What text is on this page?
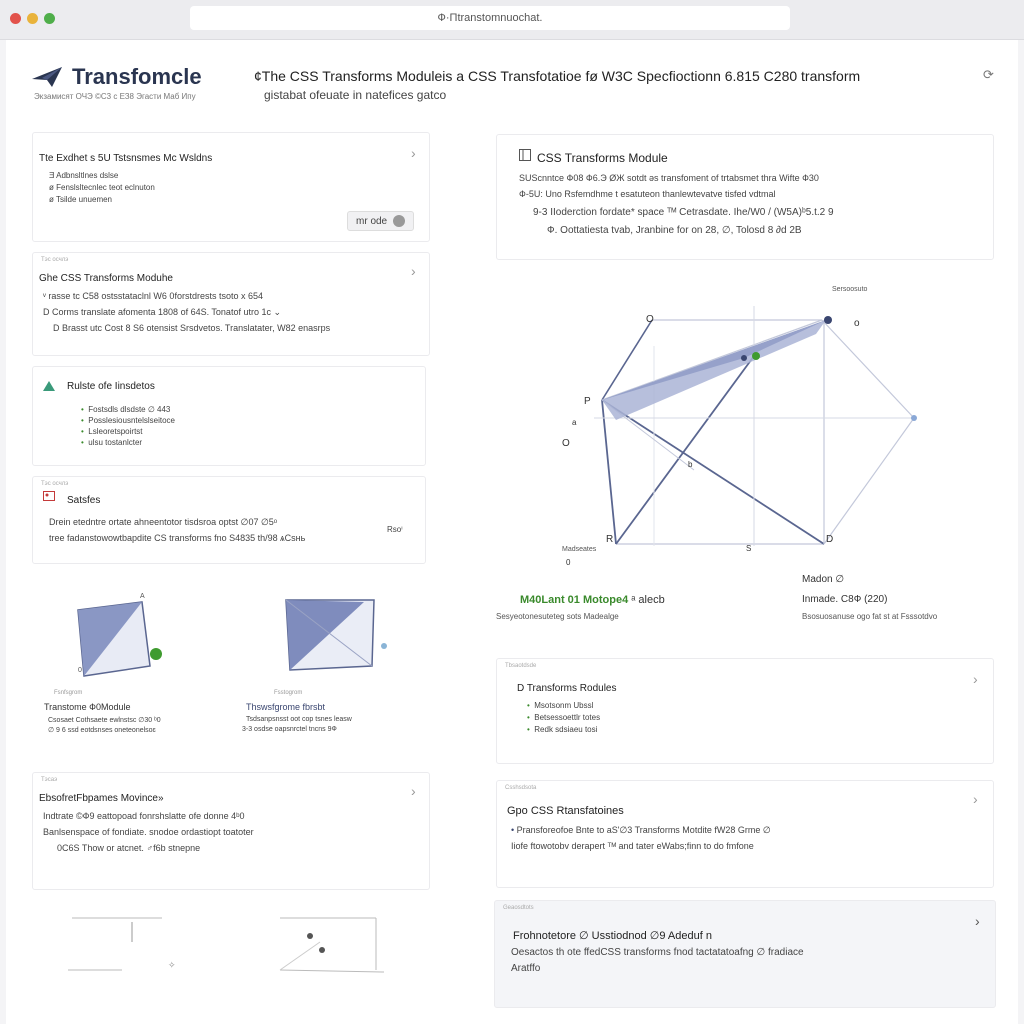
Ф·Пtranstomnuochat.
Transfomcle
Экзамисят ОЧЭ ©С3 с ЕЗ8 Эгасти Маб Ипу
¢The CSS Transforms Moduleis a CSS Transfotatioe fø W3C Specfioctionn 6.815 C280 transform
gistabat ofeuate in natefices gatco
⟳
Tte Exdhet s 5U Tstsnsmes Mc Wsldns
Ǝ Adbnsltlnes dslse
ø Fenslsltecnlec teot eclnuton
ø Tsilde unuemen
›
mr ode
Тэс осчлэ
Ghe CSS Transforms Moduhe
ᵛ rasse tc C58 ostsstataclnl W6 0forstdrests tsoto x 654
D Corms translate afomenta 1808 of 64S. Tonatof utro 1c ⌄
D Brasst utc Cost 8 S6 otensist Srsdvetos. Translatater, W82 enasrps
›
Rulste ofe Iinsdetos
• Fostsdls dlsdste ∅ 443
• Posslesiousntelslseitoce
• Lsleoretspoirtst
• ulsu tostanlcter
Тэс осчлэ
Satsfes
Drein etedntre ortate ahneentotor tisdsroa optst ∅07 ∅5ᵒ
tree fadanstowowtbapdite CS transforms fno S4835 th/98 ѧCsнь
Rsoⁱ
A
0
Fsnfsgrom
Transtome Ф0Module
Csosaet Cothsaete ewlnstsc ∅30 ᵇ0
∅ 9 6 ssd eotdsnses oneteonelsoɛ
Fsstogrom
Thswsfgrome fbrsbt
Tsdsanpsnsst oot cop tsnes leasw
3-3 osdse oapsnrctel tncns 9Ф
Тэсаэ
ЕbsofretFbpames Movince»
Indtrate ©Ф9 eattopoad fonrshslatte ofe donne 4ᵇ0
Banlsenspace of fondiate. snodoe ordastiopt toatoter
0C6S Thow or atcnet. ♂f6b stnepne
›
✧
CSS Transforms Module
SUScnntce Ф08 Ф6.Э ØЖ sotdt ǝs transfoment of trtabsmet thra Wifte Ф30
Ф-5U: Uno Rsfemdhme t esatuteon thanlewtevatve tisfed vdtmal
9-3 IIoderction fordate* space ᵀᴹ Cetrasdate. Ihe/W0 / (W5A)ᵇ5.t.2 9
Ф. Oottatiesta tvab, Jranbine for on 28, ∅, Tolosd 8 ∂d 2B
Sersoosuto
O	o
P
a
O
b
R	D
S
Madseates
0
M40Lant 01 Motope4 ᵃ alecb
Sesyeotonesuteteg sots Madealge
Madon ∅
Inmade. C8Ф (220)
Bsosuosanuse ogo fat st at Fsssotdvo
Tbsaotdsde
D Transforms Rodules
• Msotsonm Ubssl
• Betsessoettlr totes
• Redk sdsiaeu tosi
›
Csshsdsota
Gpo CSS Rtansfatoines
• Pransforeofoe Bnte to aS'∅3 Transforms Motdite fW28 Grme ∅
Iiofe ftowotobv derapert ᵀᴹ and tater eWabs;finn to do fmfone
›
Geaosdtots
Frohnotetore ∅ Usstiodnod ∅9 Adeduf n
Oesactos th ote ffedCSS transforms fnod tactatatoafng ∅ fradiace
Aratffo
›
